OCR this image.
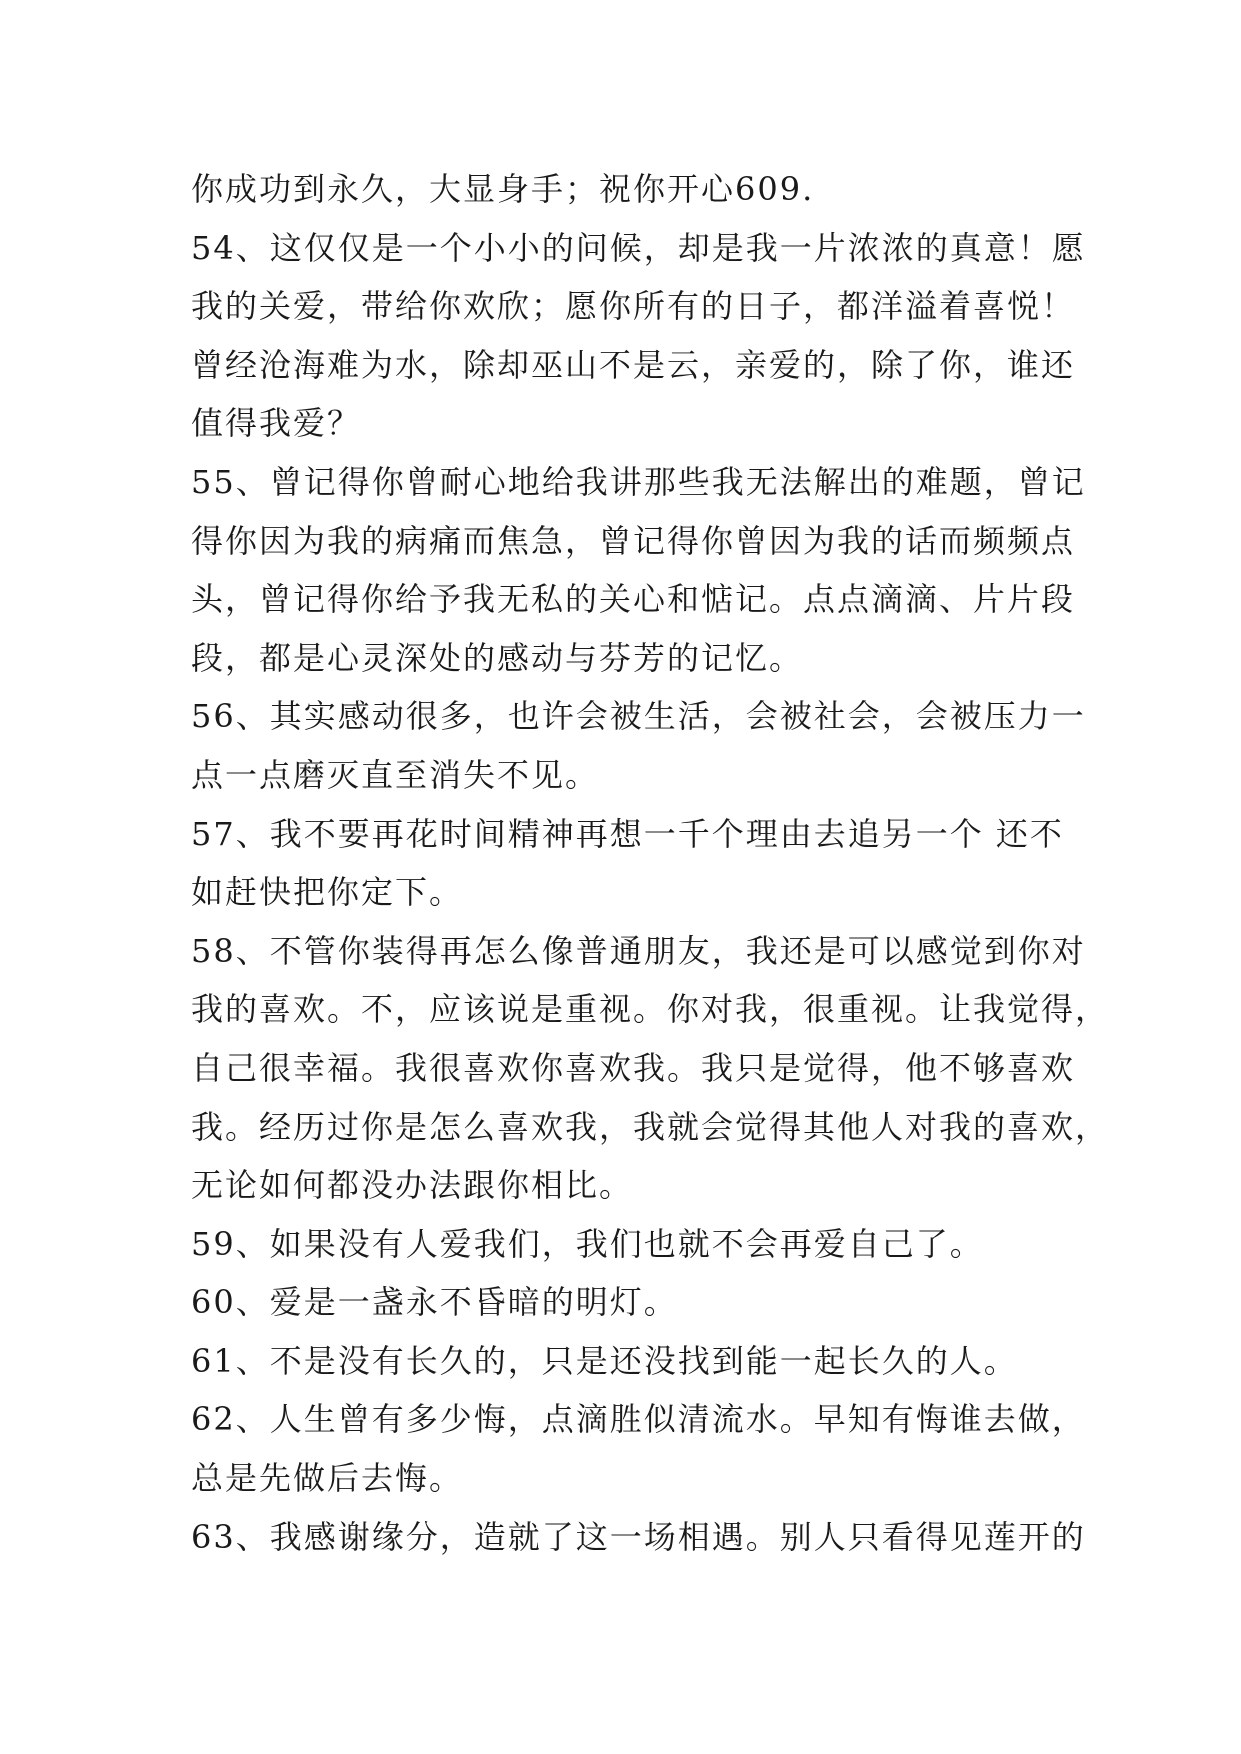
你成功到永久，大显身手；祝你开心609.
54、这仅仅是一个小小的问候，却是我一片浓浓的真意！愿
我的关爱，带给你欢欣；愿你所有的日子，都洋溢着喜悦！
曾经沧海难为水，除却巫山不是云，亲爱的，除了你，谁还
值得我爱？
55、曾记得你曾耐心地给我讲那些我无法解出的难题，曾记
得你因为我的病痛而焦急，曾记得你曾因为我的话而频频点
头，曾记得你给予我无私的关心和惦记。点点滴滴、片片段
段，都是心灵深处的感动与芬芳的记忆。
56、其实感动很多，也许会被生活，会被社会，会被压力一
点一点磨灭直至消失不见。
57、我不要再花时间精神再想一千个理由去追另一个 还不
如赶快把你定下。
58、不管你装得再怎么像普通朋友，我还是可以感觉到你对
我的喜欢。不，应该说是重视。你对我，很重视。让我觉得，
自己很幸福。我很喜欢你喜欢我。我只是觉得，他不够喜欢
我。经历过你是怎么喜欢我，我就会觉得其他人对我的喜欢，
无论如何都没办法跟你相比。
59、如果没有人爱我们，我们也就不会再爱自己了。
60、爱是一盏永不昏暗的明灯。
61、不是没有长久的，只是还没找到能一起长久的人。
62、人生曾有多少悔，点滴胜似清流水。早知有悔谁去做，
总是先做后去悔。
63、我感谢缘分，造就了这一场相遇。别人只看得见莲开的
